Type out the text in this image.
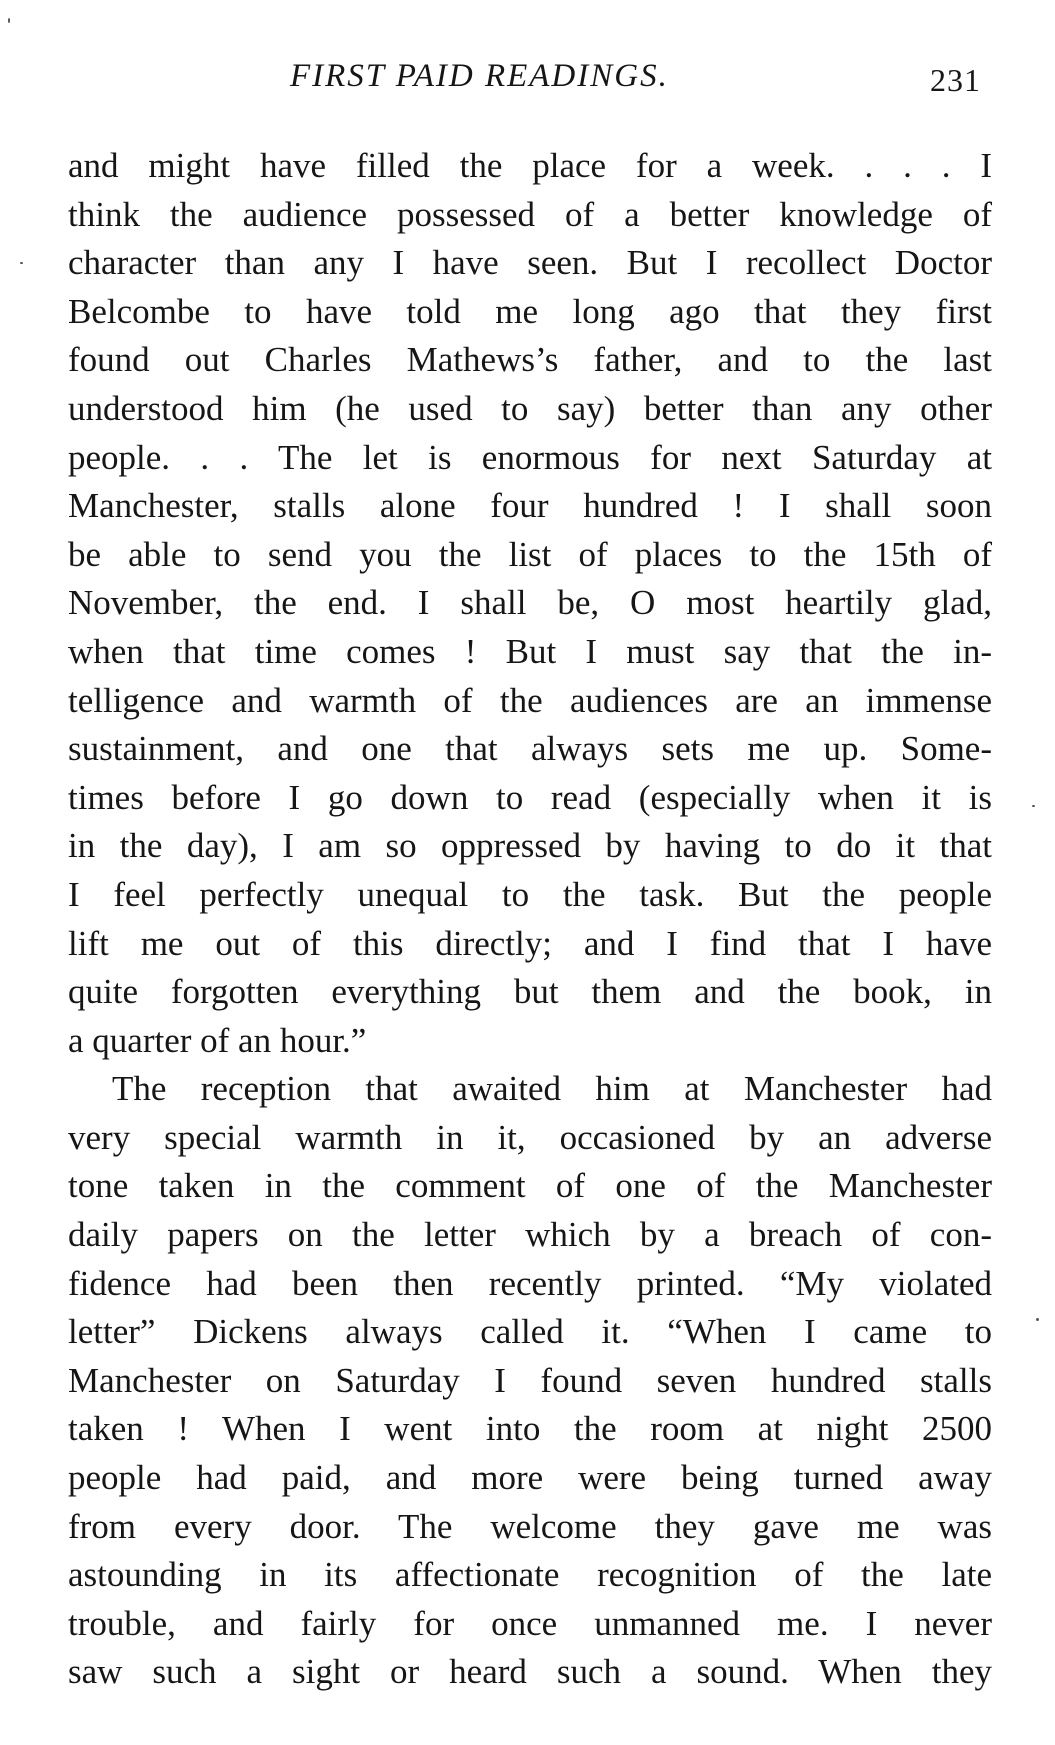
FIRST PAID READINGS.	231
and might have filled the place for a week. . . . I
think the audience possessed of a better knowledge of
character than any I have seen. But I recollect Doctor
Belcombe to have told me long ago that they first
found out Charles Mathews’s father, and to the last
understood him (he used to say) better than any other
people. . . The let is enormous for next Saturday at
Manchester, stalls alone four hundred ! I shall soon
be able to send you the list of places to the 15th of
November, the end. I shall be, O most heartily glad,
when that time comes ! But I must say that the in-
telligence and warmth of the audiences are an immense
sustainment, and one that always sets me up. Some-
times before I go down to read (especially when it is
in the day), I am so oppressed by having to do it that
I feel perfectly unequal to the task. But the people
lift me out of this directly; and I find that I have
quite forgotten everything but them and the book, in
a quarter of an hour.”
The reception that awaited him at Manchester had
very special warmth in it, occasioned by an adverse
tone taken in the comment of one of the Manchester
daily papers on the letter which by a breach of con-
fidence had been then recently printed. “My violated
letter” Dickens always called it. “When I came to
Manchester on Saturday I found seven hundred stalls
taken ! When I went into the room at night 2500
people had paid, and more were being turned away
from every door. The welcome they gave me was
astounding in its affectionate recognition of the late
trouble, and fairly for once unmanned me. I never
saw such a sight or heard such a sound. When they
